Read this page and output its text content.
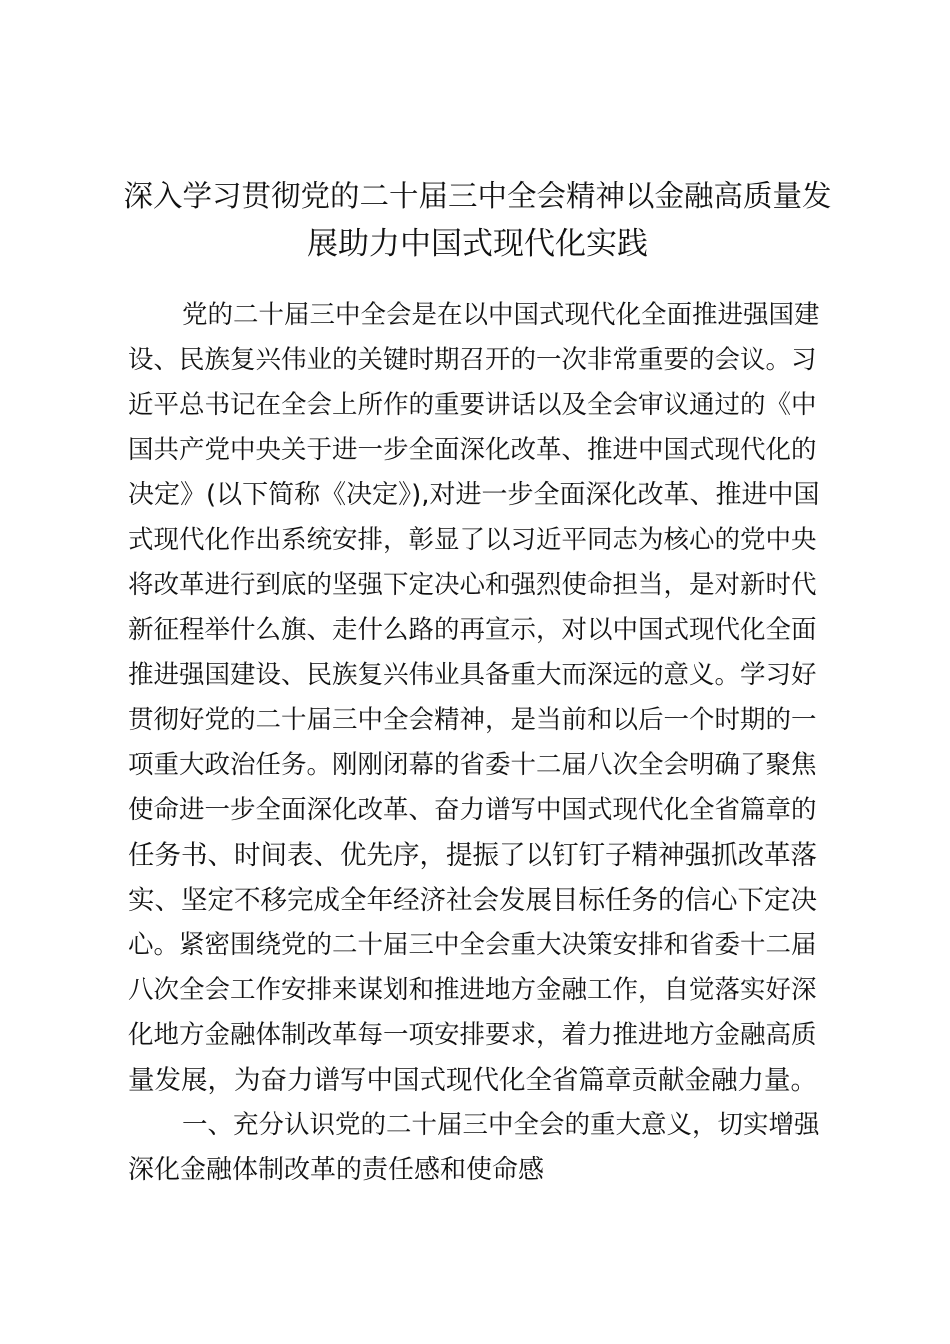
深入学习贯彻党的二十届三中全会精神以金融高质量发
展助力中国式现代化实践
党的二十届三中全会是在以中国式现代化全面推进强国建
设、民族复兴伟业的关键时期召开的一次非常重要的会议。习
近平总书记在全会上所作的重要讲话以及全会审议通过的《中
国共产党中央关于进一步全面深化改革、推进中国式现代化的
决定》(以下简称《决定》),对进一步全面深化改革、推进中国
式现代化作出系统安排，彰显了以习近平同志为核心的党中央
将改革进行到底的坚强下定决心和强烈使命担当，是对新时代
新征程举什么旗、走什么路的再宣示，对以中国式现代化全面
推进强国建设、民族复兴伟业具备重大而深远的意义。学习好
贯彻好党的二十届三中全会精神，是当前和以后一个时期的一
项重大政治任务。刚刚闭幕的省委十二届八次全会明确了聚焦
使命进一步全面深化改革、奋力谱写中国式现代化全省篇章的
任务书、时间表、优先序，提振了以钉钉子精神强抓改革落
实、坚定不移完成全年经济社会发展目标任务的信心下定决
心。紧密围绕党的二十届三中全会重大决策安排和省委十二届
八次全会工作安排来谋划和推进地方金融工作，自觉落实好深
化地方金融体制改革每一项安排要求，着力推进地方金融高质
量发展，为奋力谱写中国式现代化全省篇章贡献金融力量。
一、充分认识党的二十届三中全会的重大意义，切实增强
深化金融体制改革的责任感和使命感
